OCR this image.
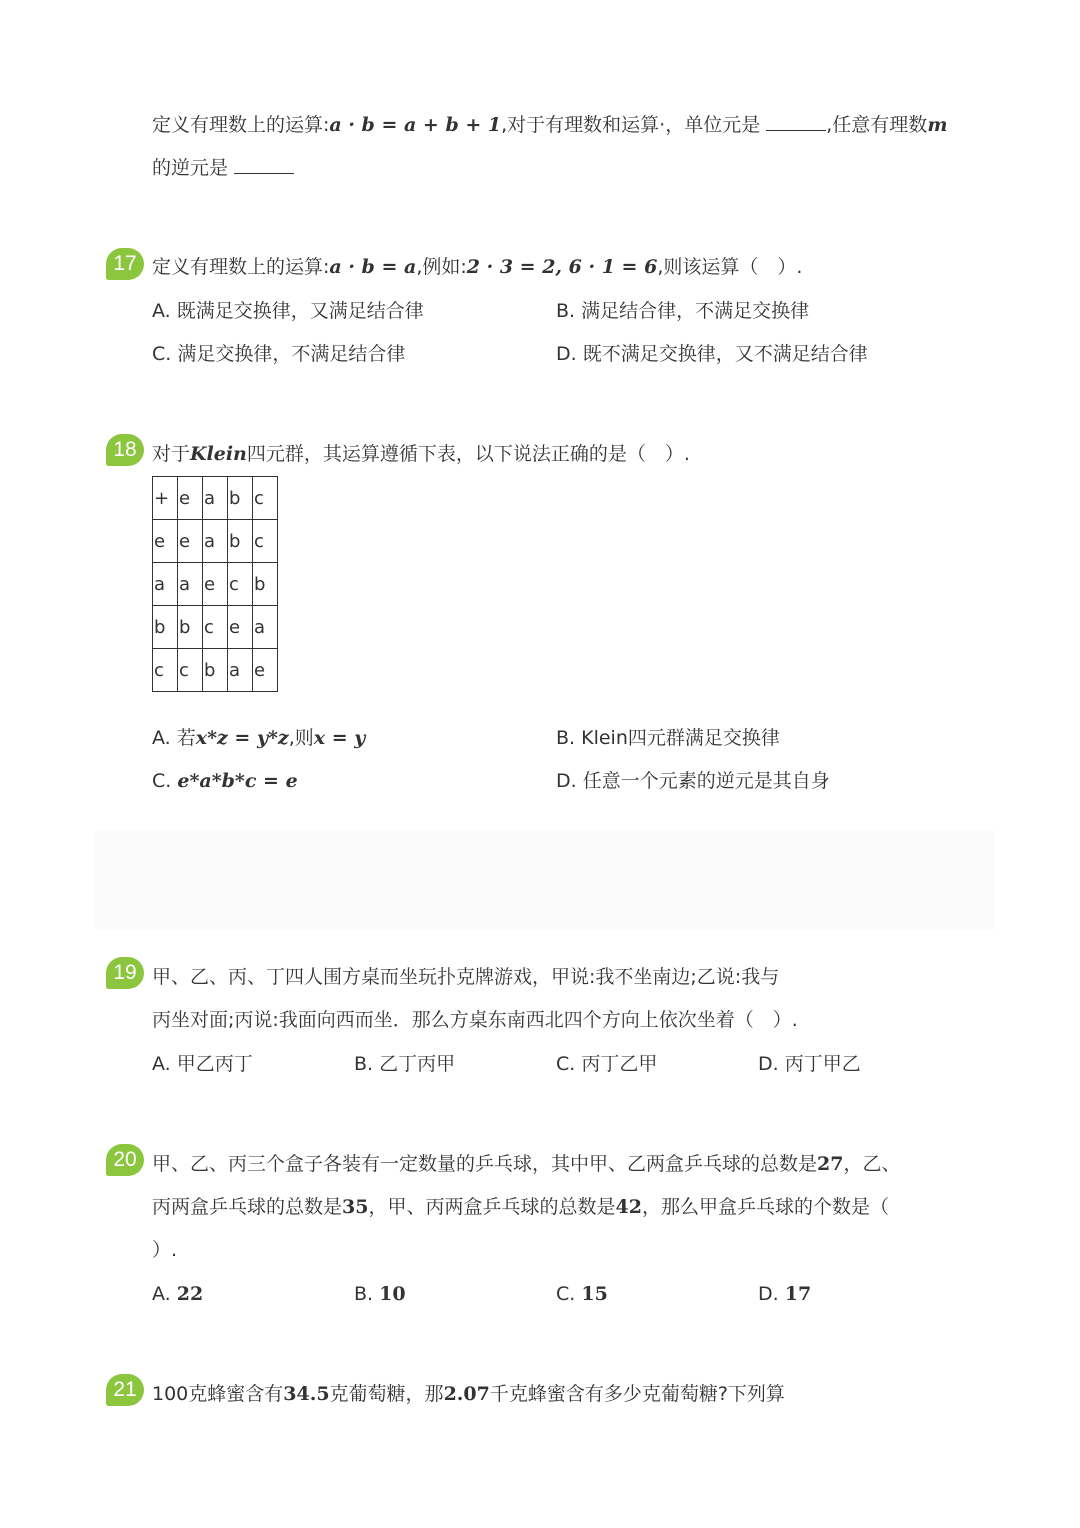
定义有理数上的运算:a · b = a + b + 1,对于有理数和运算·，单位元是	,任意有理数m
的逆元是
17 定义有理数上的运算:a · b = a,例如:2 · 3 = 2, 6 · 1 = 6,则该运算（　）.
A. 既满足交换律，又满足结合律	B. 满足结合律，不满足交换律
C. 满足交换律，不满足结合律	D. 既不满足交换律，又不满足结合律
18 对于Klein四元群，其运算遵循下表，以下说法正确的是（　）.
+	e	a	b	c
e	e	a	b	c
a	a	e	c	b
b	b	c	e	a
c	c	b	a	e
A. 若x*z = y*z,则x = y	B. Klein四元群满足交换律
C. e*a*b*c = e	D. 任意一个元素的逆元是其自身
19 甲、乙、丙、丁四人围方桌而坐玩扑克牌游戏，甲说:我不坐南边;乙说:我与
丙坐对面;丙说:我面向西而坐．那么方桌东南西北四个方向上依次坐着（　）.
A. 甲乙丙丁	B. 乙丁丙甲	C. 丙丁乙甲	D. 丙丁甲乙
20 甲、乙、丙三个盒子各装有一定数量的乒乓球，其中甲、乙两盒乒乓球的总数是27，乙、
丙两盒乒乓球的总数是35，甲、丙两盒乒乓球的总数是42，那么甲盒乒乓球的个数是（
）.
A. 22	B. 10	C. 15	D. 17
21 100克蜂蜜含有34.5克葡萄糖，那2.07千克蜂蜜含有多少克葡萄糖?下列算
